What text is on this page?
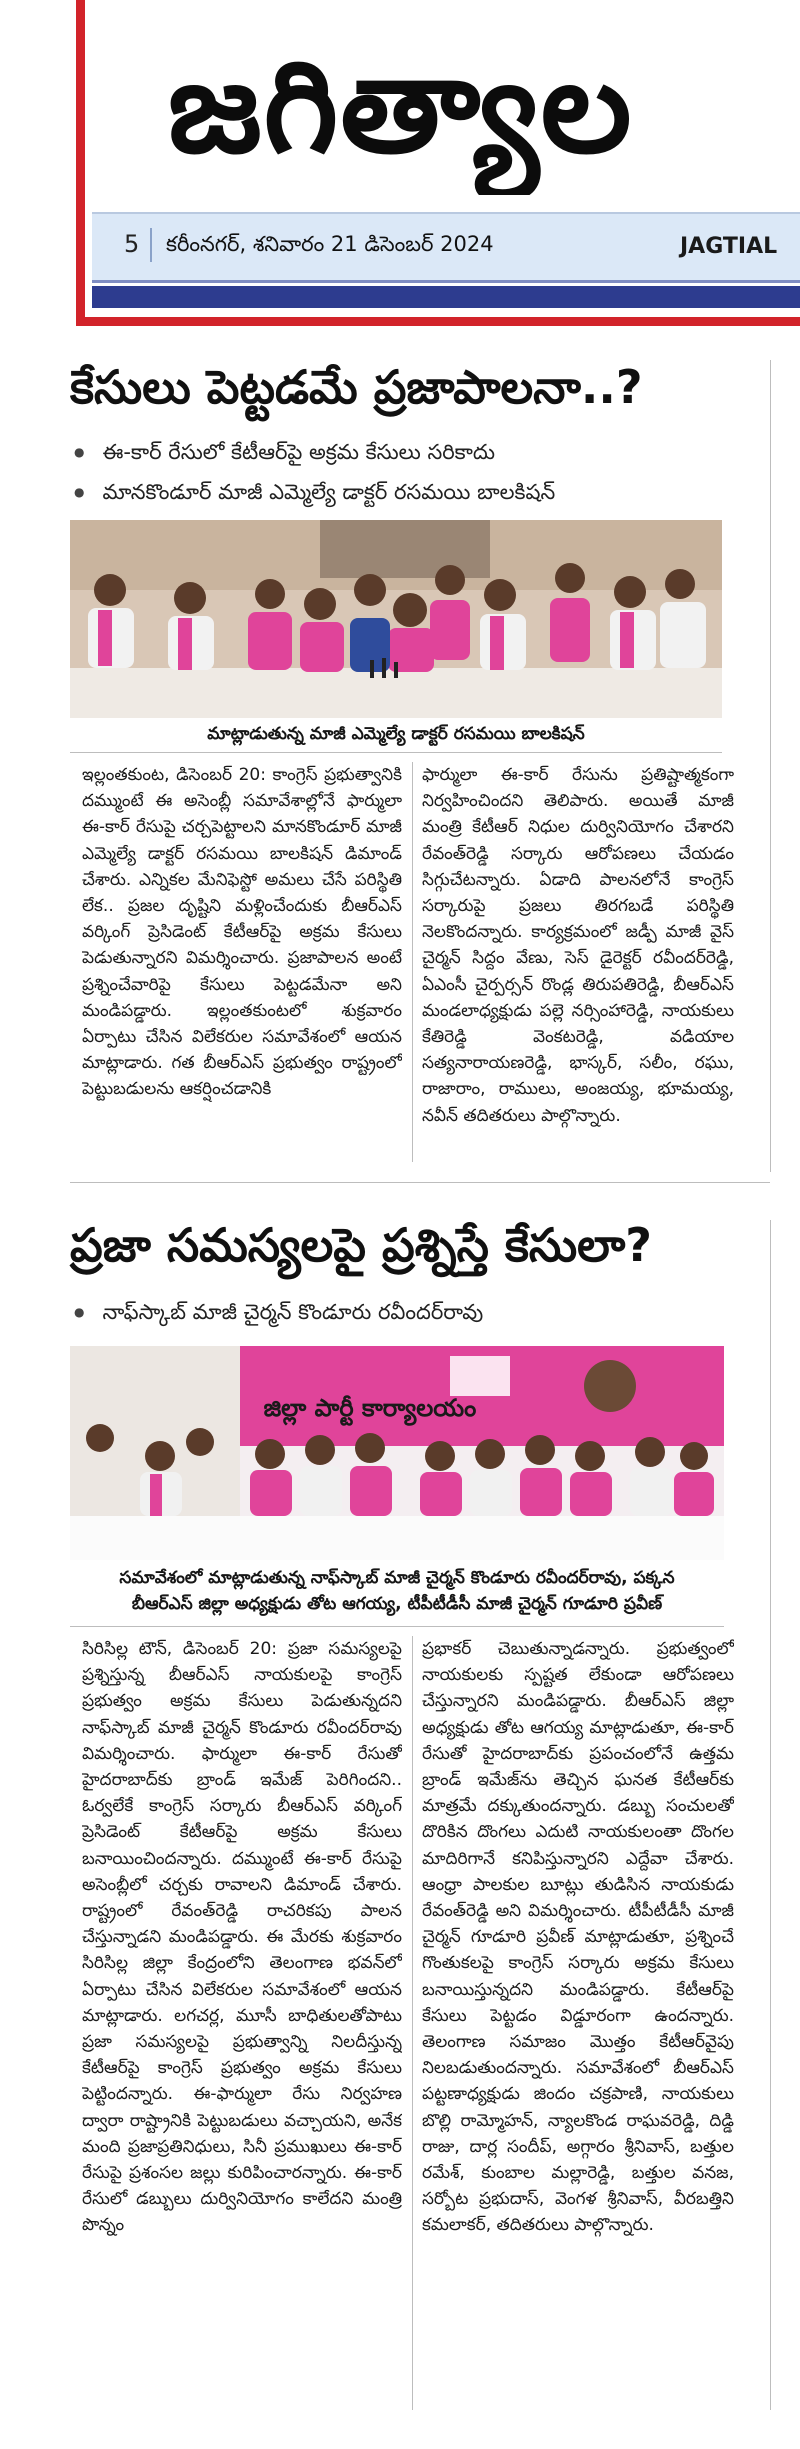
జగిత్యాల
5 కరీంనగర్, శనివారం 21 డిసెంబర్ 2024	JAGTIAL
కేసులు పెట్టడమే ప్రజాపాలనా..?
● ఈ-కార్ రేసులో కేటీఆర్‌పై అక్రమ కేసులు సరికాదు
● మానకొండూర్ మాజీ ఎమ్మెల్యే డాక్టర్ రసమయి బాలకిషన్
మాట్లాడుతున్న మాజీ ఎమ్మెల్యే డాక్టర్ రసమయి బాలకిషన్

ఇల్లంతకుంట, డిసెంబర్ 20: కాంగ్రెస్ ప్రభుత్వానికి దమ్ముంటే ఈ అసెంబ్లీ సమావేశాల్లోనే ఫార్ములా ఈ-కార్ రేసుపై చర్చపెట్టాలని మానకొండూర్ మాజీ ఎమ్మెల్యే డాక్టర్ రసమయి బాలకిషన్ డిమాండ్ చేశారు. ఎన్నికల మేనిఫెస్టో అమలు చేసే పరిస్థితి లేక.. ప్రజల దృష్టిని మళ్లించేందుకు బీఆర్‌ఎస్ వర్కింగ్ ప్రెసిడెంట్ కేటీఆర్‌పై అక్రమ కేసులు పెడుతున్నారని విమర్శించారు. ప్రజాపాలన అంటే ప్రశ్నించేవారిపై కేసులు పెట్టడమేనా అని మండిపడ్డారు. ఇల్లంతకుంటలో శుక్రవారం ఏర్పాటు చేసిన విలేకరుల సమావేశంలో ఆయన మాట్లాడారు. గత బీఆర్‌ఎస్ ప్రభుత్వం రాష్ట్రంలో పెట్టుబడులను ఆకర్షించడానికి

ఫార్ములా ఈ-కార్ రేసును ప్రతిష్టాత్మకంగా నిర్వహించిందని తెలిపారు. అయితే మాజీ మంత్రి కేటీఆర్ నిధుల దుర్వినియోగం చేశారని రేవంత్‌రెడ్డి సర్కారు ఆరోపణలు చేయడం సిగ్గుచేటన్నారు. ఏడాది పాలనలోనే కాంగ్రెస్ సర్కారుపై ప్రజలు తిరగబడే పరిస్థితి నెలకొందన్నారు. కార్యక్రమంలో జడ్పీ మాజీ వైస్ చైర్మన్ సిద్దం వేణు, సెస్ డైరెక్టర్ రవీందర్‌రెడ్డి, ఏఎంసీ చైర్పర్సన్ రొండ్ల తిరుపతిరెడ్డి, బీఆర్‌ఎస్ మండలాధ్యక్షుడు పల్లె నర్సింహారెడ్డి, నాయకులు కేతిరెడ్డి వెంకటరెడ్డి, వడియాల సత్యనారాయణరెడ్డి, భాస్కర్, సలీం, రఘు, రాజారాం, రాములు, అంజయ్య, భూమయ్య, నవీన్ తదితరులు పాల్గొన్నారు.

ప్రజా సమస్యలపై ప్రశ్నిస్తే కేసులా?
● నాఫ్‌స్కాబ్ మాజీ చైర్మన్ కొండూరు రవీందర్‌రావు
జిల్లా పార్టీ కార్యాలయం
సమావేశంలో మాట్లాడుతున్న నాఫ్‌స్కాబ్ మాజీ చైర్మన్ కొండూరు రవీందర్‌రావు, పక్కన
బీఆర్‌ఎస్ జిల్లా అధ్యక్షుడు తోట ఆగయ్య, టీపీటీడీసీ మాజీ చైర్మన్ గూడూరి ప్రవీణ్

సిరిసిల్ల టౌన్, డిసెంబర్ 20: ప్రజా సమస్యలపై ప్రశ్నిస్తున్న బీఆర్‌ఎస్ నాయకులపై కాంగ్రెస్ ప్రభుత్వం అక్రమ కేసులు పెడుతున్నదని నాఫ్‌స్కాబ్ మాజీ చైర్మన్ కొండూరు రవీందర్‌రావు విమర్శించారు. ఫార్ములా ఈ-కార్ రేసుతో హైదరాబాద్‌కు బ్రాండ్ ఇమేజ్ పెరిగిందని.. ఓర్వలేకే కాంగ్రెస్ సర్కారు బీఆర్‌ఎస్ వర్కింగ్ ప్రెసిడెంట్ కేటీఆర్‌పై అక్రమ కేసులు బనాయించిందన్నారు. దమ్ముంటే ఈ-కార్ రేసుపై అసెంబ్లీలో చర్చకు రావాలని డిమాండ్ చేశారు. రాష్ట్రంలో రేవంత్‌రెడ్డి రాచరికపు పాలన చేస్తున్నాడని మండిపడ్డారు. ఈ మేరకు శుక్రవారం సిరిసిల్ల జిల్లా కేంద్రంలోని తెలంగాణ భవన్‌లో ఏర్పాటు చేసిన విలేకరుల సమావేశంలో ఆయన మాట్లాడారు. లగచర్ల, మూసీ బాధితులతోపాటు ప్రజా సమస్యలపై ప్రభుత్వాన్ని నిలదీస్తున్న కేటీఆర్‌పై కాంగ్రెస్ ప్రభుత్వం అక్రమ కేసులు పెట్టిందన్నారు. ఈ-ఫార్ములా రేసు నిర్వహణ ద్వారా రాష్ట్రానికి పెట్టుబడులు వచ్చాయని, అనేక మంది ప్రజాప్రతినిధులు, సినీ ప్రముఖులు ఈ-కార్ రేసుపై ప్రశంసల జల్లు కురిపించారన్నారు. ఈ-కార్ రేసులో డబ్బులు దుర్వినియోగం కాలేదని మంత్రి పొన్నం

ప్రభాకర్ చెబుతున్నాడన్నారు. ప్రభుత్వంలో నాయకులకు స్పష్టత లేకుండా ఆరోపణలు చేస్తున్నారని మండిపడ్డారు. బీఆర్‌ఎస్ జిల్లా అధ్యక్షుడు తోట ఆగయ్య మాట్లాడుతూ, ఈ-కార్ రేసుతో హైదరాబాద్‌కు ప్రపంచంలోనే ఉత్తమ బ్రాండ్ ఇమేజ్‌ను తెచ్చిన ఘనత కేటీఆర్‌కు మాత్రమే దక్కుతుందన్నారు. డబ్బు సంచులతో దొరికిన దొంగలు ఎదుటి నాయకులంతా దొంగల మాదిరిగానే కనిపిస్తున్నారని ఎద్దేవా చేశారు. ఆంధ్రా పాలకుల బూట్లు తుడిసిన నాయకుడు రేవంత్‌రెడ్డి అని విమర్శించారు. టీపీటీడీసీ మాజీ చైర్మన్ గూడూరి ప్రవీణ్ మాట్లాడుతూ, ప్రశ్నించే గొంతుకలపై కాంగ్రెస్ సర్కారు అక్రమ కేసులు బనాయిస్తున్నదని మండిపడ్డారు. కేటీఆర్‌పై కేసులు పెట్టడం విడ్డూరంగా ఉందన్నారు. తెలంగాణ సమాజం మొత్తం కేటీఆర్‌వైపు నిలబడుతుందన్నారు. సమావేశంలో బీఆర్‌ఎస్ పట్టణాధ్యక్షుడు జిందం చక్రపాణి, నాయకులు బొల్లి రామ్మోహన్, న్యాలకొండ రాఘవరెడ్డి, దిడ్డి రాజు, దార్ల సందీప్, అగ్గారం శ్రీనివాస్, బత్తుల రమేశ్, కుంబాల మల్లారెడ్డి, బత్తుల వనజ, సర్బోట ప్రభుదాస్, వెంగళ శ్రీనివాస్, వీరబత్తిని కమలాకర్, తదితరులు పాల్గొన్నారు.
